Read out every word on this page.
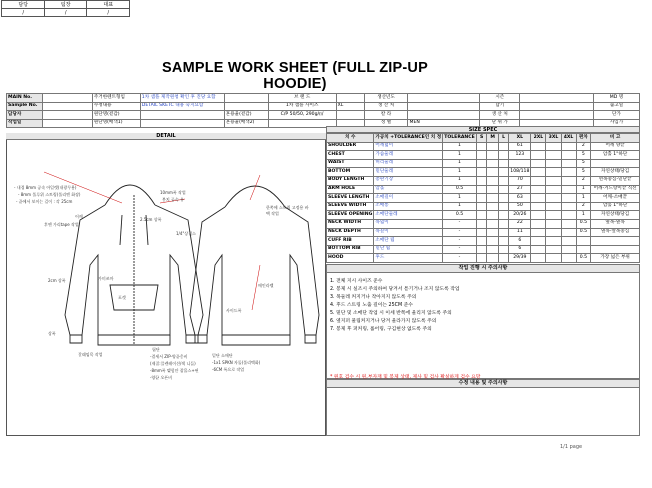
SAMPLE WORK SHEET (FULL ZIP-UP HOODIE)
	담당	팀장	대표
	/	/	/
MAIN No.		주거한텐트형임	1차 샘플 제작원청 확인 후 진당 요함		브 랜 드		생산년도		시즌		MD 명
Sample No.		수정내용	DETAIL SKETC 내용 숙지요함		1차 샘플 사이즈	XL	생 산 처		납기		출고일
담당자		원단명(겉감)		혼용율(겉감)	C/P 50/50, 290g/㎡		칼 라		생 산 처		단가
작업일		원단명(배색1)		혼용율(배색2)			성 별	MEN	단 위 가		사입가
DETAIL
- 내경 8mm 공속 아일렛(내광무용)
- 8mm 폴루위 스트링(폴리엔 화장)
- 끝에서 보이는 길이 : 각 25cm
어깨
후옌 가리tape 작업
10mm폭 작업
봉치 공속 유
2.5cm 상폭
1/4"상걸스
가미쓰마
2cm 상폭
포켓
사이드폭
상폭
갈래임목 작업
립단
-결세서 ZIP-양끝웅비
(제질:플렌레이션/색 니들)
-8mm폭 맺힘안 잡몰스+핀
-양끝 오픈비
밑단 소매단
-1x1 SPKN 자돌(폴리맥화)
-6CM 폭으로 작업
한쪽에 스트링 고정용 바택 작업
메인라벨
SIZE SPEC
치 수	가공치 +TOLERANCE인 치 정	TOLERANCE	S	M	L	XL	2XL	3XL	4XL	편차	비 고
SHOULDER	어깨넓이	1				61				2	어깨 양끝
CHEST	가슴둘레	1				123				5	암홀 1"하단
WAIST	허리둘레	1								5	
BOTTOM	밑단둘레	1				108/118				5	자연상태/당김
BODY LENGTH	총판기장	1				70				2	왼목중심-밑단끝
ARM HOLE	암홀	0.5				27				1	어깨-겨드랑이끝 직선
SLEEVE LENGTH	소매길이	1				63				1	어깨-소매끝
SLEEVE WIDTH	소매통	1				50				2	암홀 1"하단
SLEEVE OPENING	소매단둘레	0.5				20/26				1	자연상태/당김
NECK WIDTH	목넓이	-				22				0.5	옆목-옆목
NECK DEPTH	목깊이	-				11				0.5	옆목-앞목중심
CUFF RIB	소매단 립	-				6					
BOTTOM RIB	밑단 립	-				6					
HOOD	후드	-				29/39				0.5	가장 넓은 부위
작업 진행 시 주의사항
1. 전체 지시 사이즈 준수
2. 봉제 시 실조시 주의하여 당겨서 튿기거나 조지 않도록 작업
3. 목둘레 커지거나 작아지지 않도록 주의
4. 후드 스트링 노출 길이는 25CM 준수
5. 밑단 및 소매단 작업 시 이세 반쪽에 울리지 않도록 주의
6. 옆지퍼 물림커지거나 당겨 울라가지 않도록 주의
7. 봉제 후 퍼커링, 롤어링, 구김현상 없도록 주의
* 원호 검수 시 원,부자재 및 봉제 상태, 제사 및 검사 확실하게 검수 요망
수정 내용 및 주의사항
1/1 page
